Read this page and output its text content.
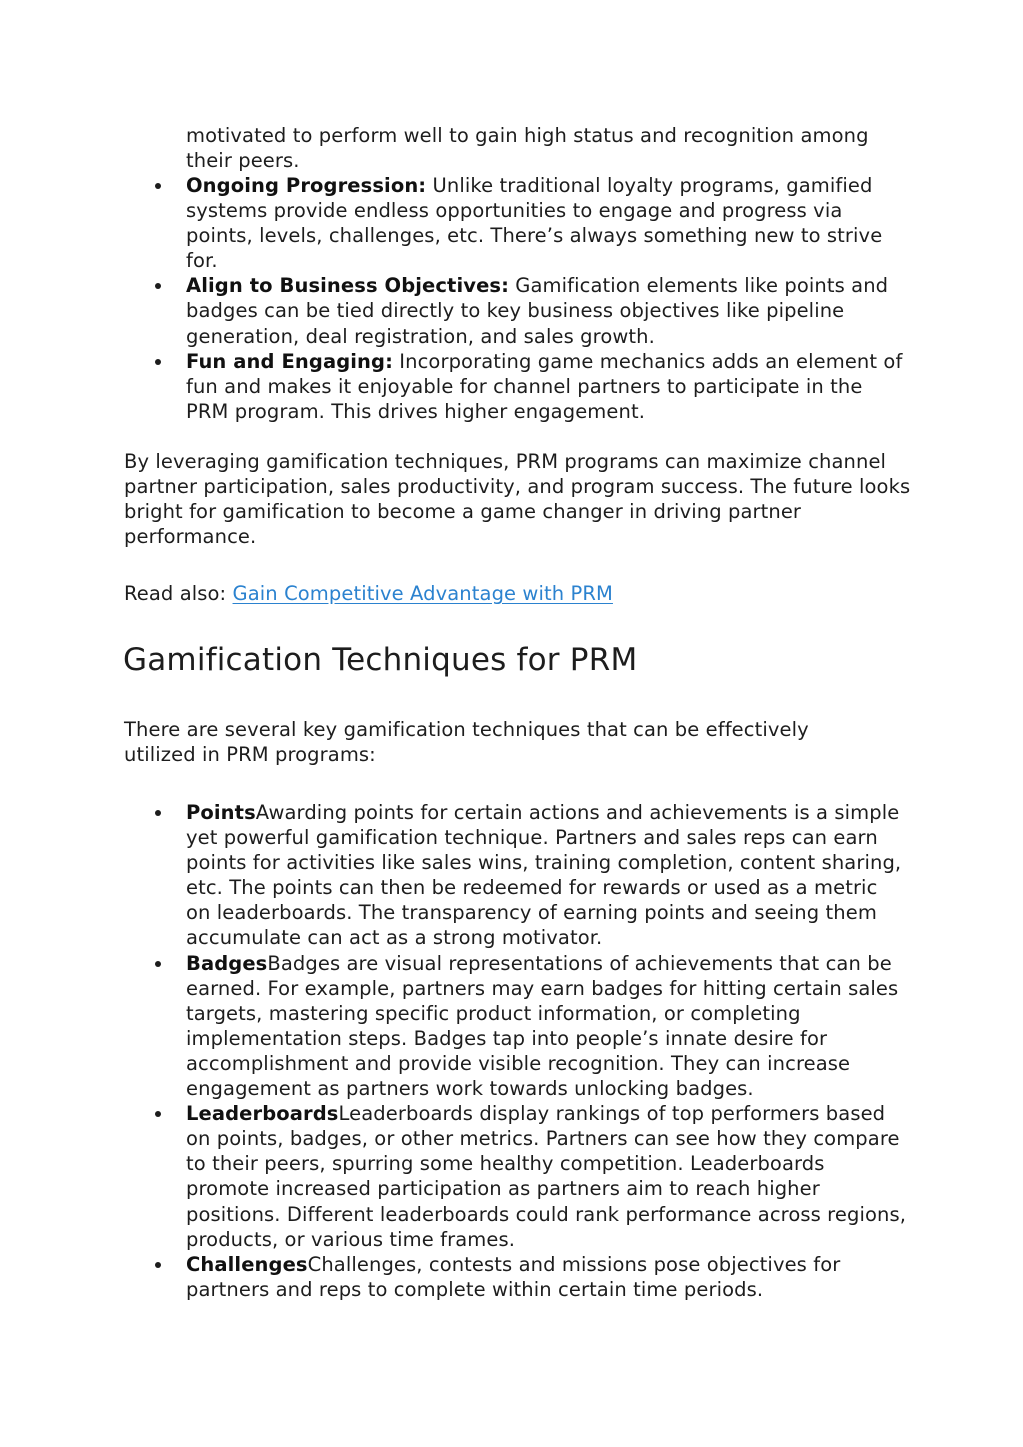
motivated to perform well to gain high status and recognition among their peers.

Ongoing Progression: Unlike traditional loyalty programs, gamified systems provide endless opportunities to engage and progress via points, levels, challenges, etc. There’s always something new to strive for.
Align to Business Objectives: Gamification elements like points and badges can be tied directly to key business objectives like pipeline generation, deal registration, and sales growth.
Fun and Engaging: Incorporating game mechanics adds an element of fun and makes it enjoyable for channel partners to participate in the PRM program. This drives higher engagement.

By leveraging gamification techniques, PRM programs can maximize channel partner participation, sales productivity, and program success. The future looks bright for gamification to become a game changer in driving partner performance.

Read also: Gain Competitive Advantage with PRM

Gamification Techniques for PRM

There are several key gamification techniques that can be effectively utilized in PRM programs:

PointsAwarding points for certain actions and achievements is a simple yet powerful gamification technique. Partners and sales reps can earn points for activities like sales wins, training completion, content sharing, etc. The points can then be redeemed for rewards or used as a metric on leaderboards. The transparency of earning points and seeing them accumulate can act as a strong motivator.
BadgesBadges are visual representations of achievements that can be earned. For example, partners may earn badges for hitting certain sales targets, mastering specific product information, or completing implementation steps. Badges tap into people’s innate desire for accomplishment and provide visible recognition. They can increase engagement as partners work towards unlocking badges.
LeaderboardsLeaderboards display rankings of top performers based on points, badges, or other metrics. Partners can see how they compare to their peers, spurring some healthy competition. Leaderboards promote increased participation as partners aim to reach higher positions. Different leaderboards could rank performance across regions, products, or various time frames.
ChallengesChallenges, contests and missions pose objectives for partners and reps to complete within certain time periods.
